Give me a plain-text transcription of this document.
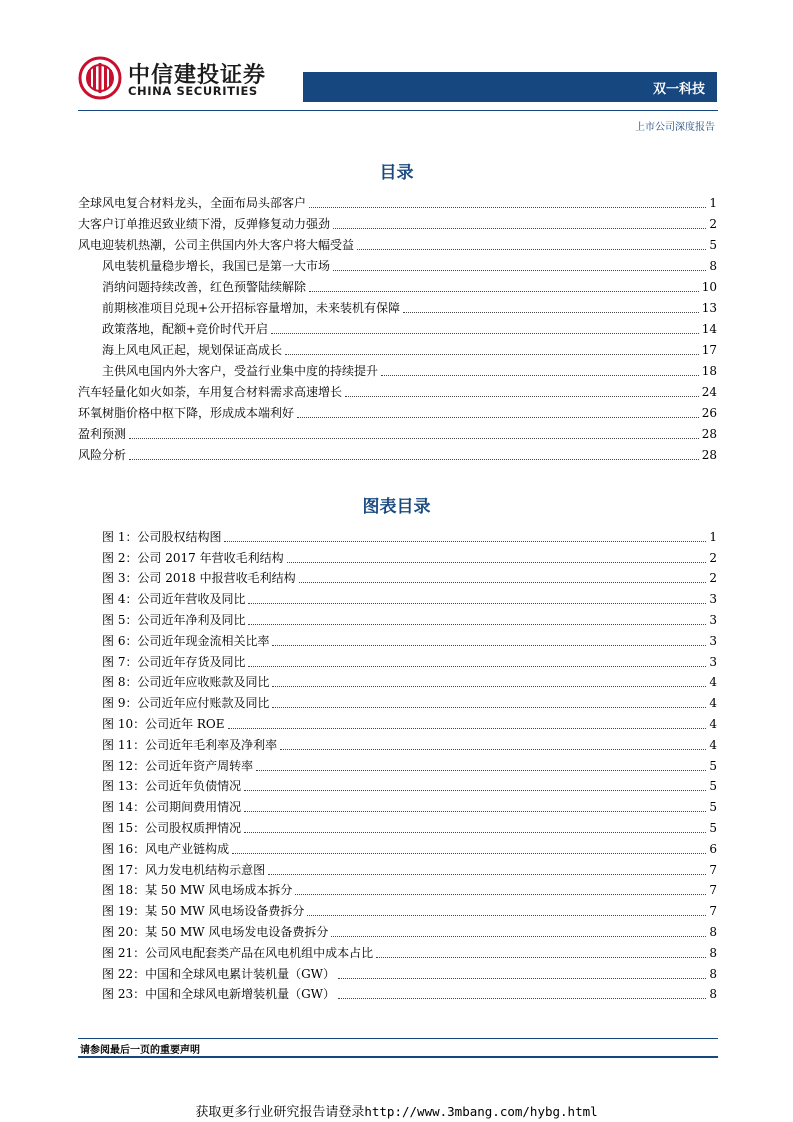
中信建投证券
CHINA SECURITIES	双一科技
上市公司深度报告
目录
全球风电复合材料龙头，全面布局头部客户	1
大客户订单推迟致业绩下滑，反弹修复动力强劲	2
风电迎装机热潮，公司主供国内外大客户将大幅受益	5
风电装机量稳步增长，我国已是第一大市场	8
消纳问题持续改善，红色预警陆续解除	10
前期核准项目兑现+公开招标容量增加，未来装机有保障	13
政策落地，配额+竞价时代开启	14
海上风电风正起，规划保证高成长	17
主供风电国内外大客户，受益行业集中度的持续提升	18
汽车轻量化如火如荼，车用复合材料需求高速增长	24
环氧树脂价格中枢下降，形成成本端利好	26
盈利预测	28
风险分析	28
图表目录
图 1：公司股权结构图	1
图 2：公司 2017 年营收毛利结构	2
图 3：公司 2018 中报营收毛利结构	2
图 4：公司近年营收及同比	3
图 5：公司近年净利及同比	3
图 6：公司近年现金流相关比率	3
图 7：公司近年存货及同比	3
图 8：公司近年应收账款及同比	4
图 9：公司近年应付账款及同比	4
图 10：公司近年 ROE	4
图 11：公司近年毛利率及净利率	4
图 12：公司近年资产周转率	5
图 13：公司近年负债情况	5
图 14：公司期间费用情况	5
图 15：公司股权质押情况	5
图 16：风电产业链构成	6
图 17：风力发电机结构示意图	7
图 18：某 50 MW 风电场成本拆分	7
图 19：某 50 MW 风电场设备费拆分	7
图 20：某 50 MW 风电场发电设备费拆分	8
图 21：公司风电配套类产品在风电机组中成本占比	8
图 22：中国和全球风电累计装机量（GW）	8
图 23：中国和全球风电新增装机量（GW）	8
请参阅最后一页的重要声明
获取更多行业研究报告请登录http://www.3mbang.com/hybg.html
